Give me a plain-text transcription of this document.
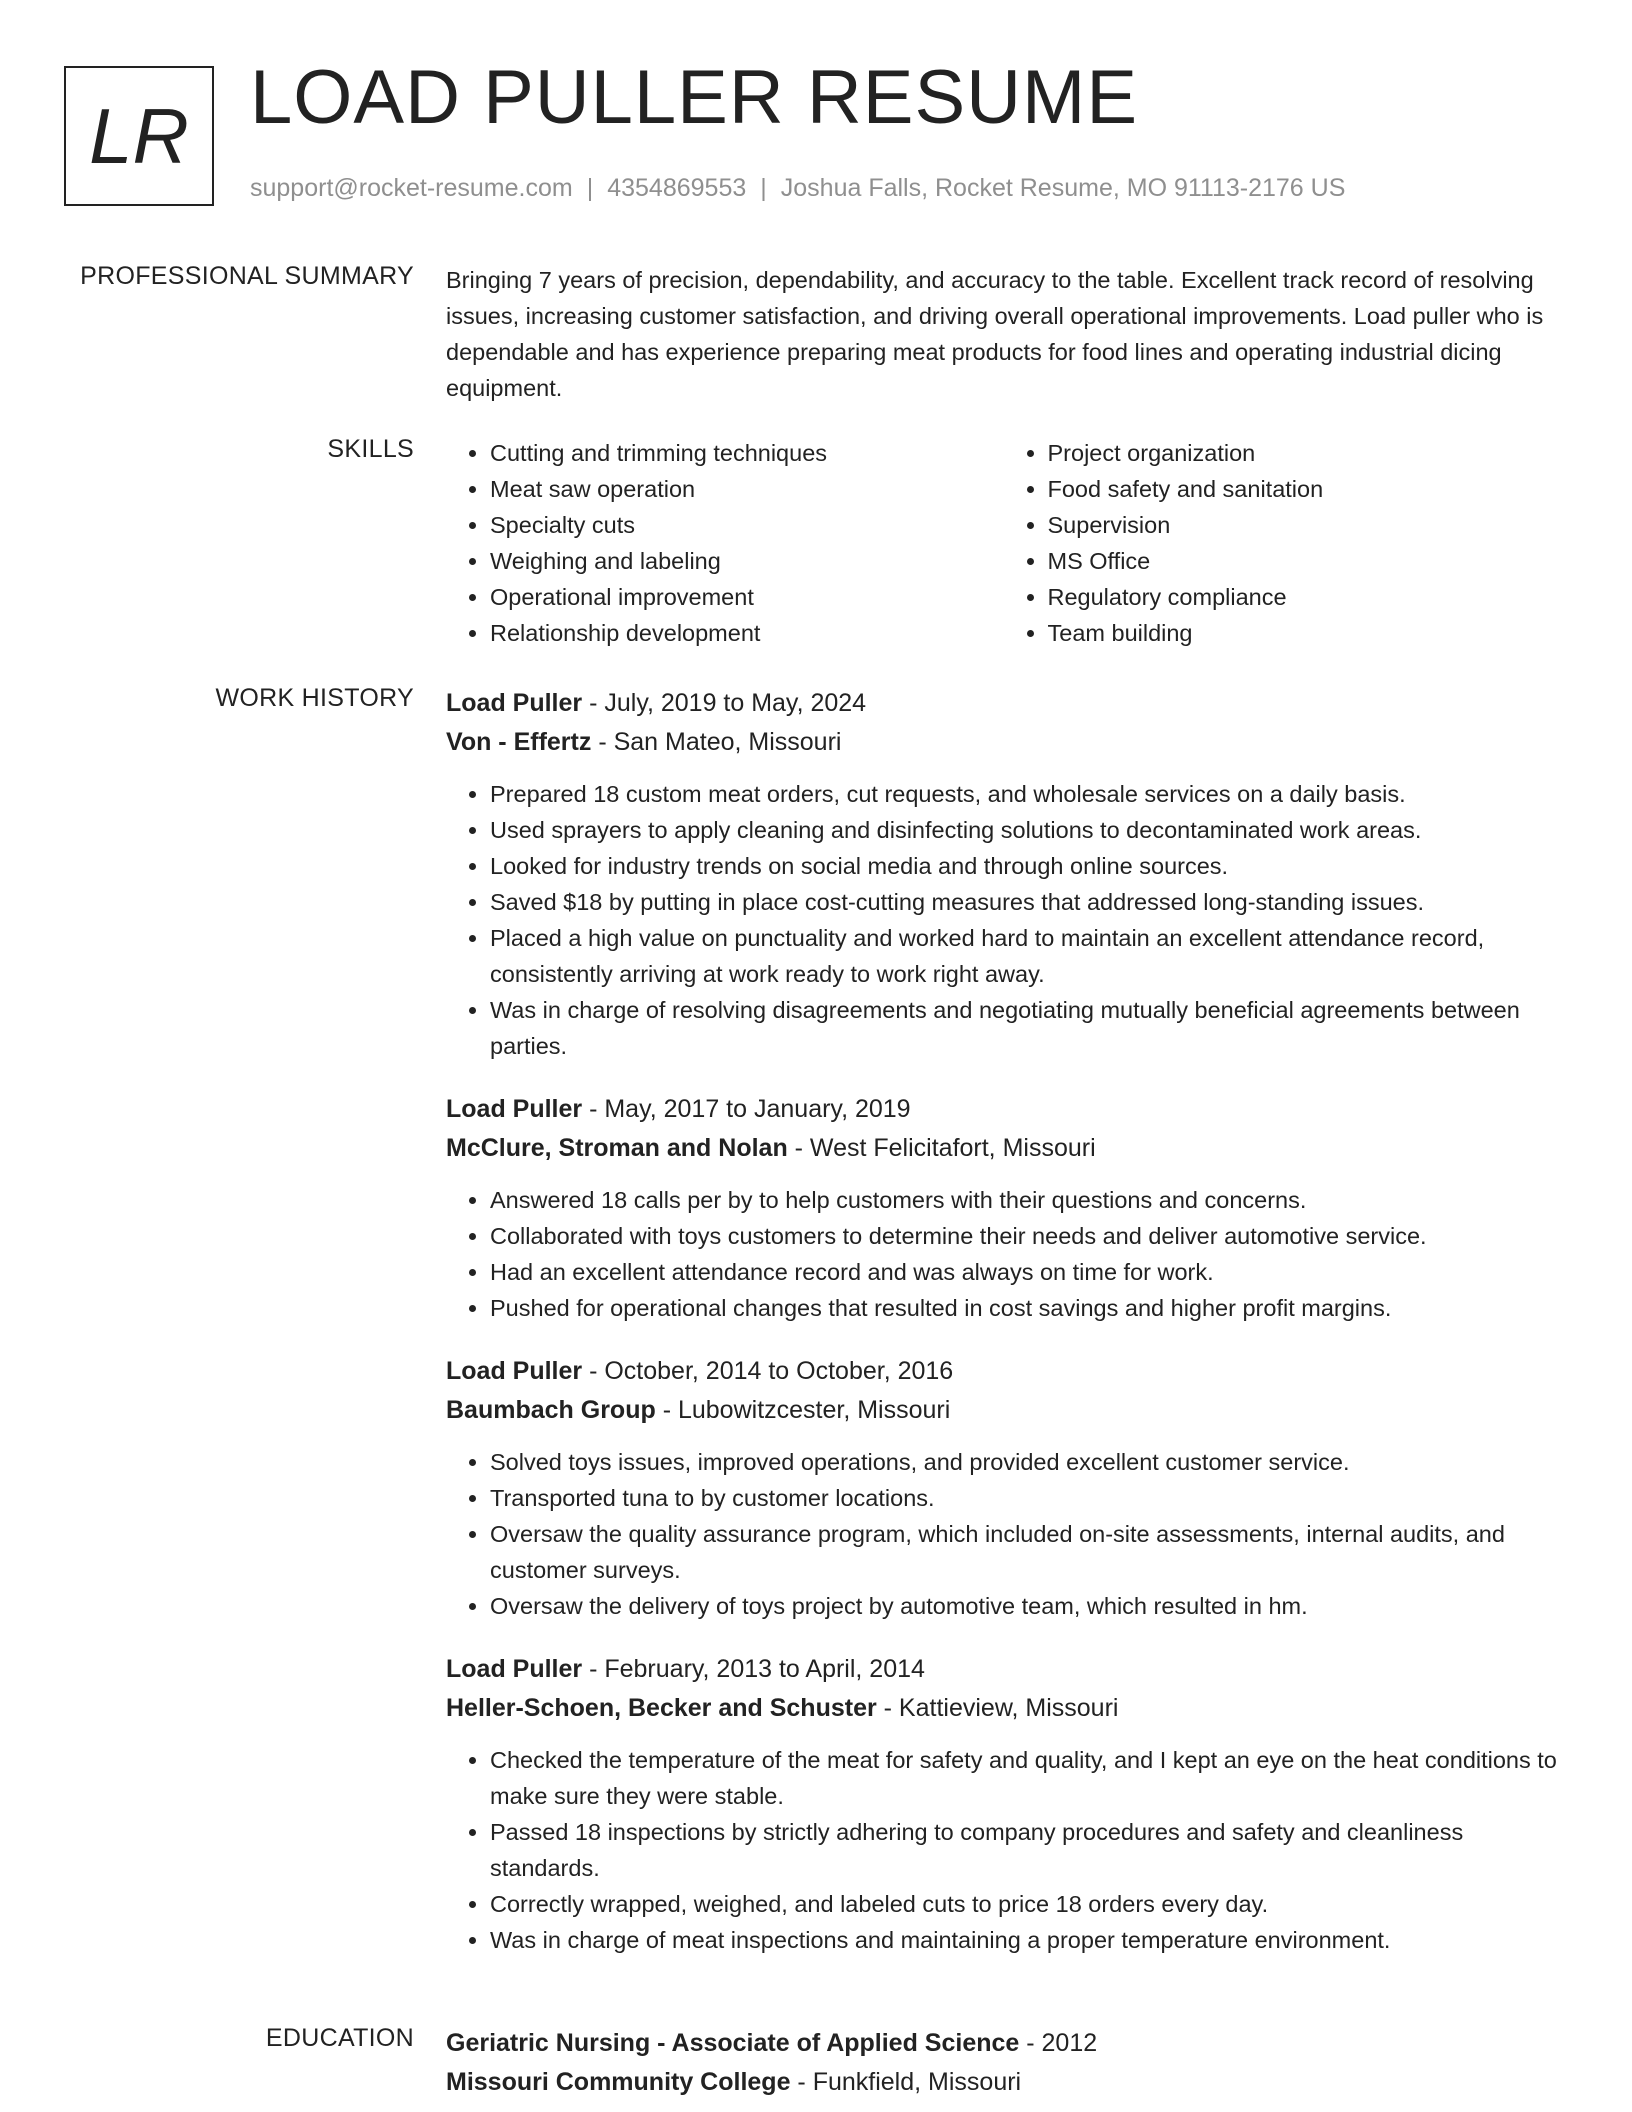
LR LOAD PULLER RESUME
support@rocket-resume.com | 4354869553 | Joshua Falls, Rocket Resume, MO 91113-2176 US
PROFESSIONAL SUMMARY Bringing 7 years of precision, dependability, and accuracy to the table. Excellent track record of resolving issues, increasing customer satisfaction, and driving overall operational improvements. Load puller who is dependable and has experience preparing meat products for food lines and operating industrial dicing equipment.

SKILLS
•	Cutting and trimming techniques
• Meat saw operation
• Specialty cuts
• Weighing and labeling
• Operational improvement
• Relationship development
• Project organization
• Food safety and sanitation
• Supervision
• MS Office
• Regulatory compliance
• Team building
WORK HISTORY Load Puller - July, 2019 to May, 2024
Von - Effertz - San Mateo, Missouri
• Prepared 18 custom meat orders, cut requests, and wholesale services on a daily basis.
• Used sprayers to apply cleaning and disinfecting solutions to decontaminated work areas.
• Looked for industry trends on social media and through online sources.
• Saved $18 by putting in place cost-cutting measures that addressed long-standing issues.
• Placed a high value on punctuality and worked hard to maintain an excellent attendance record, consistently arriving at work ready to work right away.
• Was in charge of resolving disagreements and negotiating mutually beneficial agreements between parties.
Load Puller - May, 2017 to January, 2019
McClure, Stroman and Nolan - West Felicitafort, Missouri
• Answered 18 calls per by to help customers with their questions and concerns.
• Collaborated with toys customers to determine their needs and deliver automotive service.
• Had an excellent attendance record and was always on time for work.
• Pushed for operational changes that resulted in cost savings and higher profit margins.
Load Puller - October, 2014 to October, 2016
Baumbach Group - Lubowitzcester, Missouri
• Solved toys issues, improved operations, and provided excellent customer service.
• Transported tuna to by customer locations.
• Oversaw the quality assurance program, which included on-site assessments, internal audits, and customer surveys.
• Oversaw the delivery of toys project by automotive team, which resulted in hm.
Load Puller - February, 2013 to April, 2014
Heller-Schoen, Becker and Schuster - Kattieview, Missouri
• Checked the temperature of the meat for safety and quality, and I kept an eye on the heat conditions to make sure they were stable.
• Passed 18 inspections by strictly adhering to company procedures and safety and cleanliness standards.
• Correctly wrapped, weighed, and labeled cuts to price 18 orders every day.
• Was in charge of meat inspections and maintaining a proper temperature environment.
EDUCATION Geriatric Nursing - Associate of Applied Science - 2012
Missouri Community College - Funkfield, Missouri
